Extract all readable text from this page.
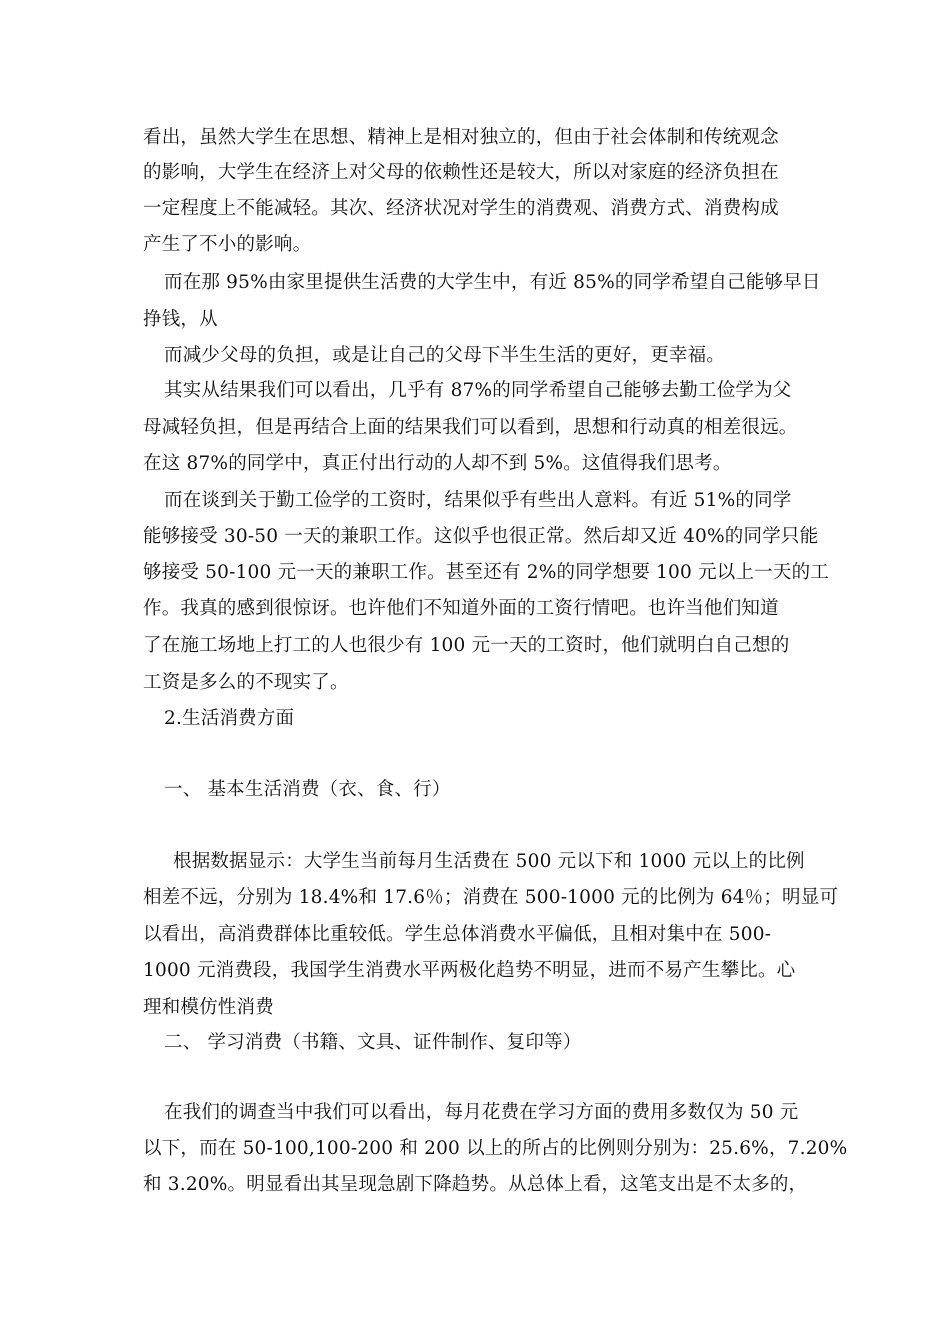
看出，虽然大学生在思想、精神上是相对独立的，但由于社会体制和传统观念
的影响，大学生在经济上对父母的依赖性还是较大，所以对家庭的经济负担在
一定程度上不能减轻。其次、经济状况对学生的消费观、消费方式、消费构成
产生了不小的影响。
而在那 95%由家里提供生活费的大学生中，有近 85%的同学希望自己能够早日
挣钱，从
而减少父母的负担，或是让自己的父母下半生生活的更好，更幸福。
其实从结果我们可以看出，几乎有 87%的同学希望自己能够去勤工俭学为父
母减轻负担，但是再结合上面的结果我们可以看到，思想和行动真的相差很远。
在这 87%的同学中，真正付出行动的人却不到 5%。这值得我们思考。
而在谈到关于勤工俭学的工资时，结果似乎有些出人意料。有近 51%的同学
能够接受 30-50 一天的兼职工作。这似乎也很正常。然后却又近 40%的同学只能
够接受 50-100 元一天的兼职工作。甚至还有 2%的同学想要 100 元以上一天的工
作。我真的感到很惊讶。也许他们不知道外面的工资行情吧。也许当他们知道
了在施工场地上打工的人也很少有 100 元一天的工资时，他们就明白自己想的
工资是多么的不现实了。
2.生活消费方面
一、 基本生活消费（衣、食、行）
根据数据显示：大学生当前每月生活费在 500 元以下和 1000 元以上的比例
相差不远，分别为 18.4%和 17.6％；消费在 500-1000 元的比例为 64％；明显可
以看出，高消费群体比重较低。学生总体消费水平偏低，且相对集中在 500-
1000 元消费段，我国学生消费水平两极化趋势不明显，进而不易产生攀比。心
理和模仿性消费
二、 学习消费（书籍、文具、证件制作、复印等）
在我们的调查当中我们可以看出，每月花费在学习方面的费用多数仅为 50 元
以下，而在 50-100,100-200 和 200 以上的所占的比例则分别为：25.6%，7.20%
和 3.20%。明显看出其呈现急剧下降趋势。从总体上看，这笔支出是不太多的，
